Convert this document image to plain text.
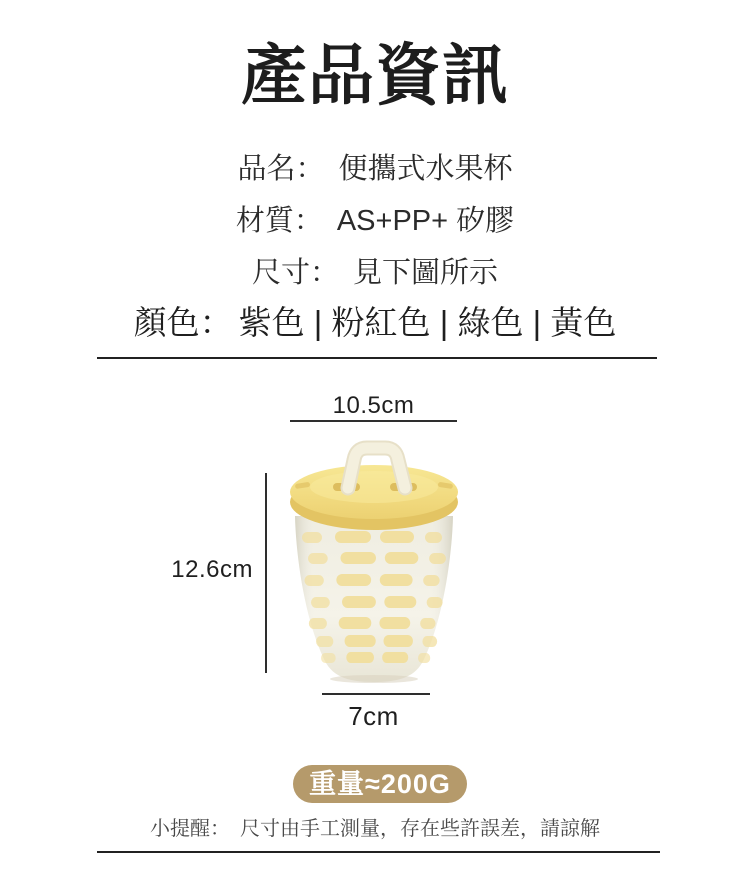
產品資訊
品名： 便攜式水果杯
材質： AS+PP+ 矽膠
尺寸： 見下圖所示
顏色： 紫色 | 粉紅色 | 綠色 | 黃色
10.5cm
12.6cm
7cm
重量≈200G
小提醒： 尺寸由手工測量，存在些許誤差，請諒解
